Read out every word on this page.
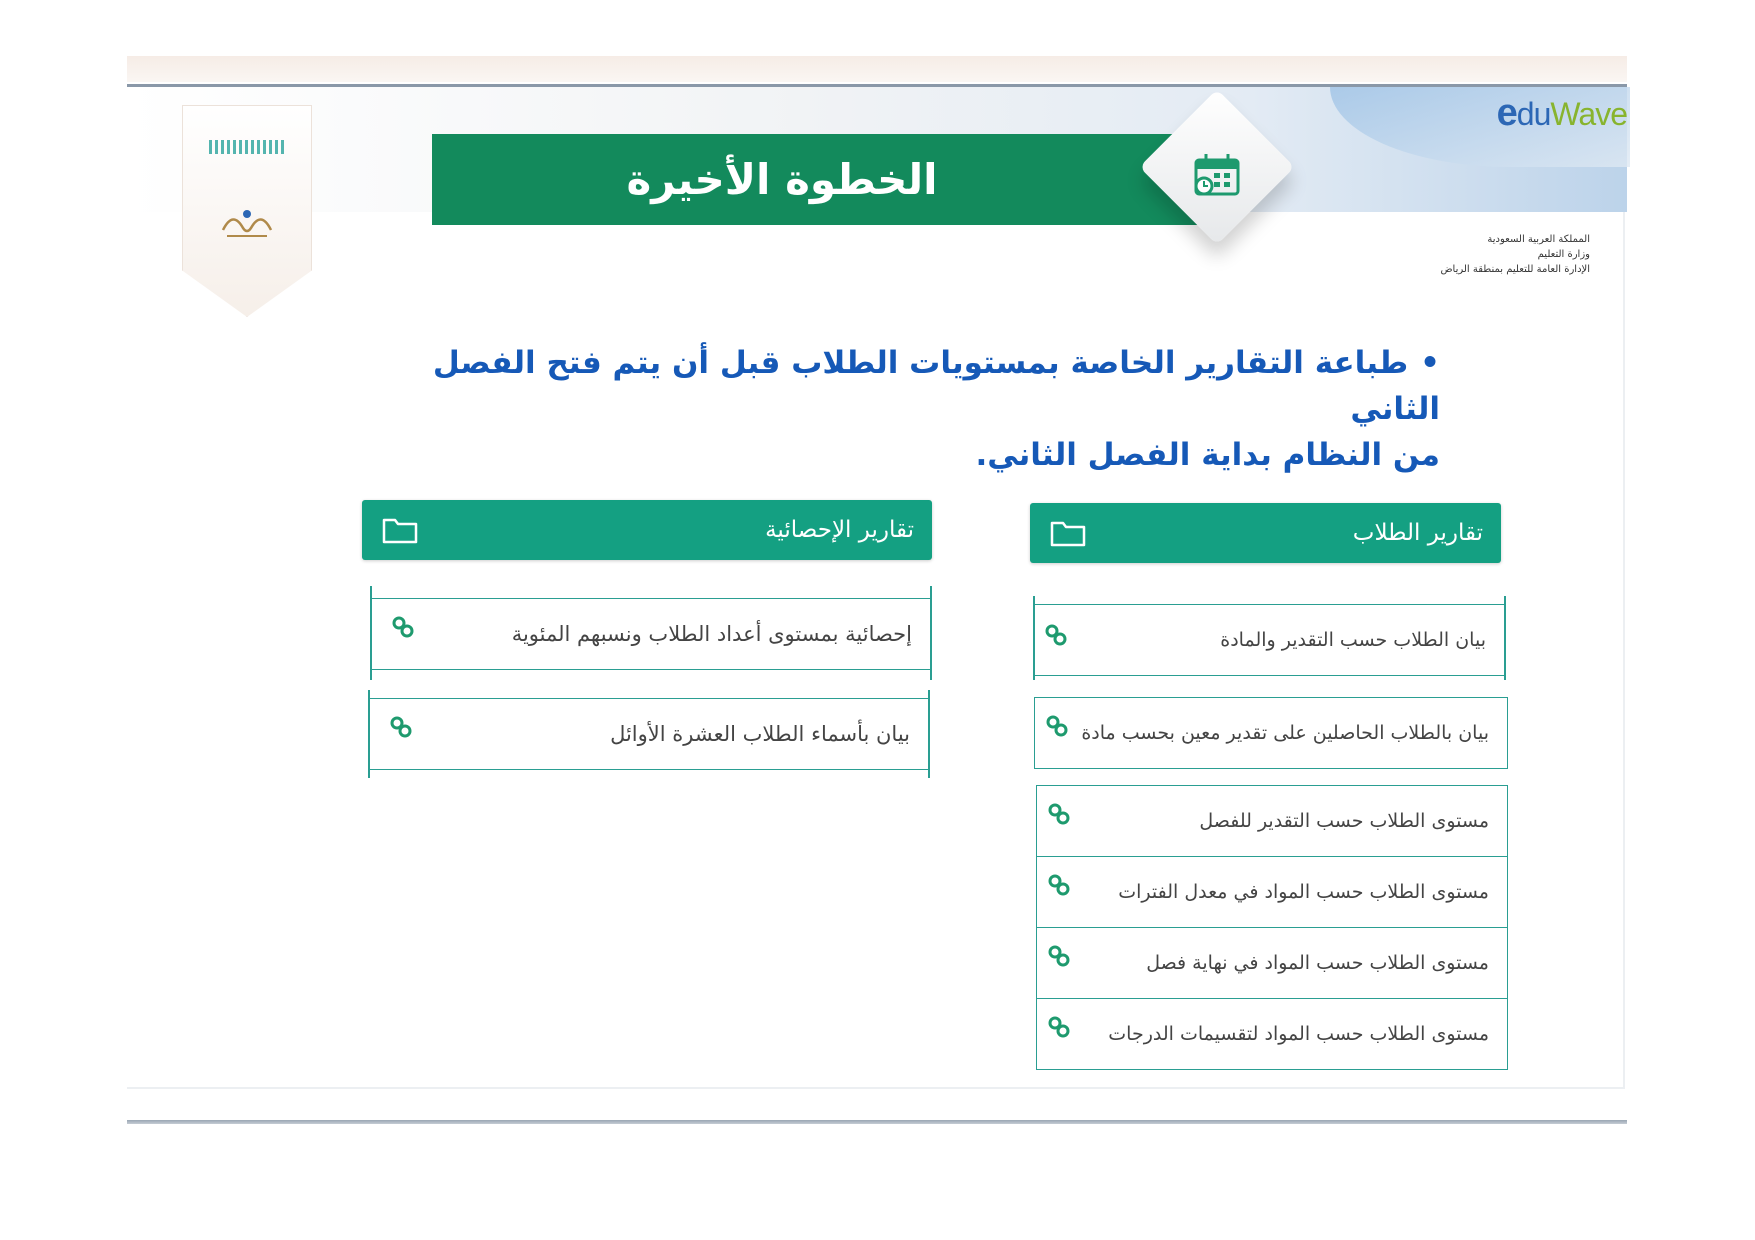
eduWave
الخطوة الأخيرة
المملكة العربية السعودية
وزارة التعليم
الإدارة العامة للتعليم بمنطقة الرياض
•طباعة التقارير الخاصة بمستويات الطلاب قبل أن يتم فتح الفصل الثاني
من النظام بداية الفصل الثاني.
تقارير الإحصائية
إحصائية بمستوى أعداد الطلاب ونسبهم المئوية
بيان بأسماء الطلاب العشرة الأوائل
تقارير الطلاب
بيان الطلاب حسب التقدير والمادة
بيان بالطلاب الحاصلين على تقدير معين بحسب مادة
مستوى الطلاب حسب التقدير للفصل
مستوى الطلاب حسب المواد في معدل الفترات
مستوى الطلاب حسب المواد في نهاية فصل
مستوى الطلاب حسب المواد لتقسيمات الدرجات
